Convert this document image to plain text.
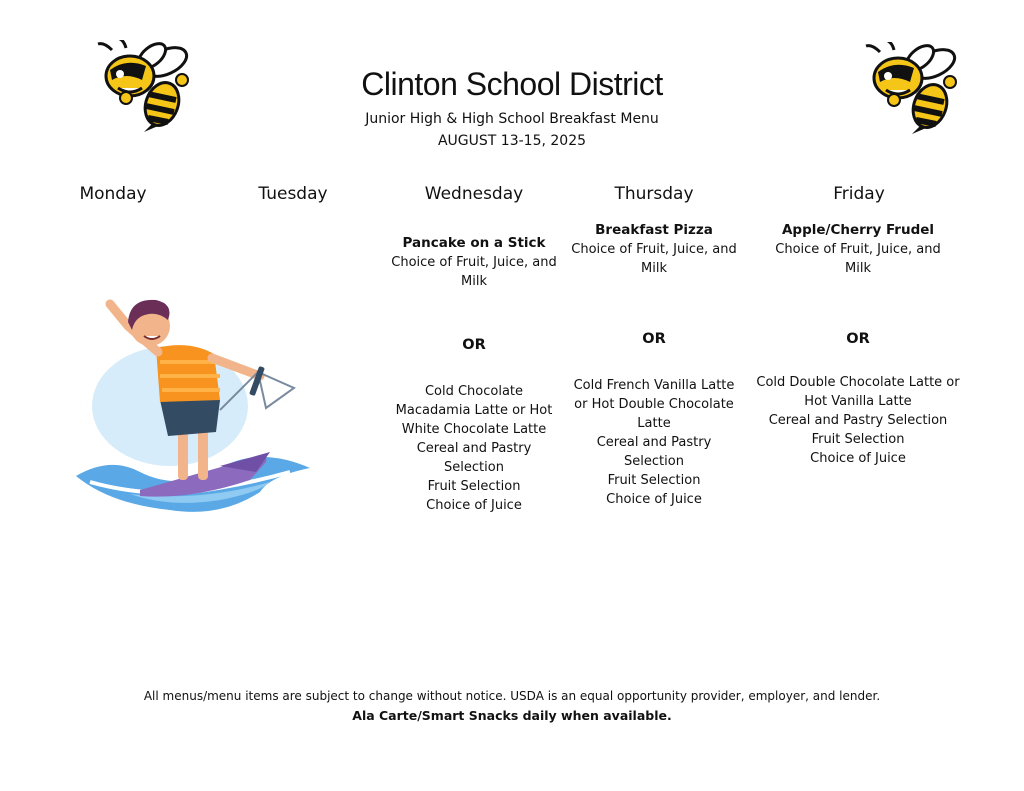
Clinton School District
Junior High & High School Breakfast Menu
AUGUST 13-15, 2025
Monday	Tuesday	Wednesday	Thursday	Friday
Pancake on a Stick
Choice of Fruit, Juice, and Milk
OR
Cold Chocolate
Macadamia Latte or Hot
White Chocolate Latte
Cereal and Pastry
Selection
Fruit Selection
Choice of Juice
Breakfast Pizza
Choice of Fruit, Juice, and Milk
OR
Cold French Vanilla Latte
or Hot Double Chocolate
Latte
Cereal and Pastry
Selection
Fruit Selection
Choice of Juice
Apple/Cherry Frudel
Choice of Fruit, Juice, and Milk
OR
Cold Double Chocolate Latte or
Hot Vanilla Latte
Cereal and Pastry Selection
Fruit Selection
Choice of Juice
All menus/menu items are subject to change without notice. USDA is an equal opportunity provider, employer, and lender.
Ala Carte/Smart Snacks daily when available.
